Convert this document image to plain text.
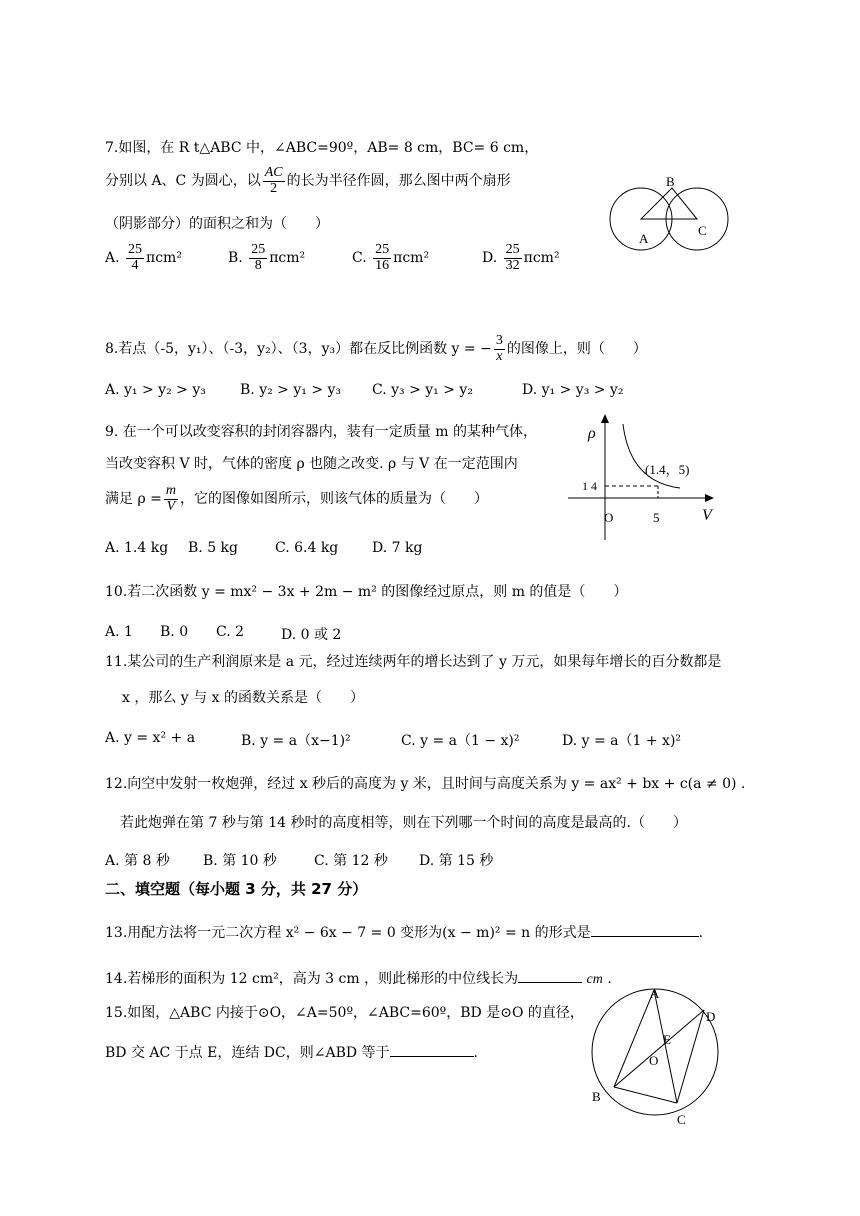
7.如图，在 R t△ABC 中，∠ABC=90º，AB= 8 cm，BC= 6 cm，
分别以 A、C 为圆心，以 $\frac{AC}{2}$ 的长为半径作圆，那么图中两个扇形
（阴影部分）的面积之和为（　　）
A. $\frac{25}{4} \pi cm^2$	B. $\frac{25}{8} \pi cm^2$	C. $\frac{25}{16} \pi cm^2$	D. $\frac{25}{32} \pi cm^2$
B
A
C
8.若点（-5，y₁）、（-3，y₂）、（3，y₃）都在反比例函数 y = − $\frac{3}{x}$ 的图像上，则（　　）
A. y₁ > y₂ > y₃ B. y₂ > y₁ > y₃ C. y₃ > y₁ > y₂	D. y₁ > y₃ > y₂
9. 在一个可以改变容积的封闭容器内，装有一定质量 m 的某种气体，
当改变容积 V 时，气体的密度 ρ 也随之改变. ρ 与 V 在一定范围内
满足 $\rho = \frac{m}{V}$ ，它的图像如图所示，则该气体的质量为（　　）
A. 1.4 kg B. 5 kg	C. 6.4 kg D. 7 kg
ρ
V
(1.4，5)
1 4
5
O
10.若二次函数 y = mx² − 3x + 2m − m² 的图像经过原点，则 m 的值是（　　）
A. 1 B. 0 C. 2	D. 0 或 2
11.某公司的生产利润原来是 a 元，经过连续两年的增长达到了 y 万元，如果每年增长的百分数都是
x ，那么 y 与 x 的函数关系是（　　）
A. y = x² + a	B. y = a（x−1)²	C. y = a（1 − x)²	D. y = a（1 + x)²
12.向空中发射一枚炮弹，经过 x 秒后的高度为 y 米，且时间与高度关系为 y = ax² + bx + c(a ≠ 0) .
若此炮弹在第 7 秒与第 14 秒时的高度相等，则在下列哪一个时间的高度是最高的.（　　）
A. 第 8 秒 B. 第 10 秒	C. 第 12 秒 D. 第 15 秒
二、填空题（每小题 3 分，共 27 分）
13.用配方法将一元二次方程 x² − 6x − 7 = 0 变形为(x − m)² = n 的形式是	.
14.若梯形的面积为 12 cm²，高为 3 cm ，则此梯形的中位线长为	cm .
15.如图，△ABC 内接于⊙O，∠A=50º，∠ABC=60º，BD 是⊙O 的直径，
BD 交 AC 于点 E，连结 DC，则∠ABD 等于	.
A
D
E
O
B
C
